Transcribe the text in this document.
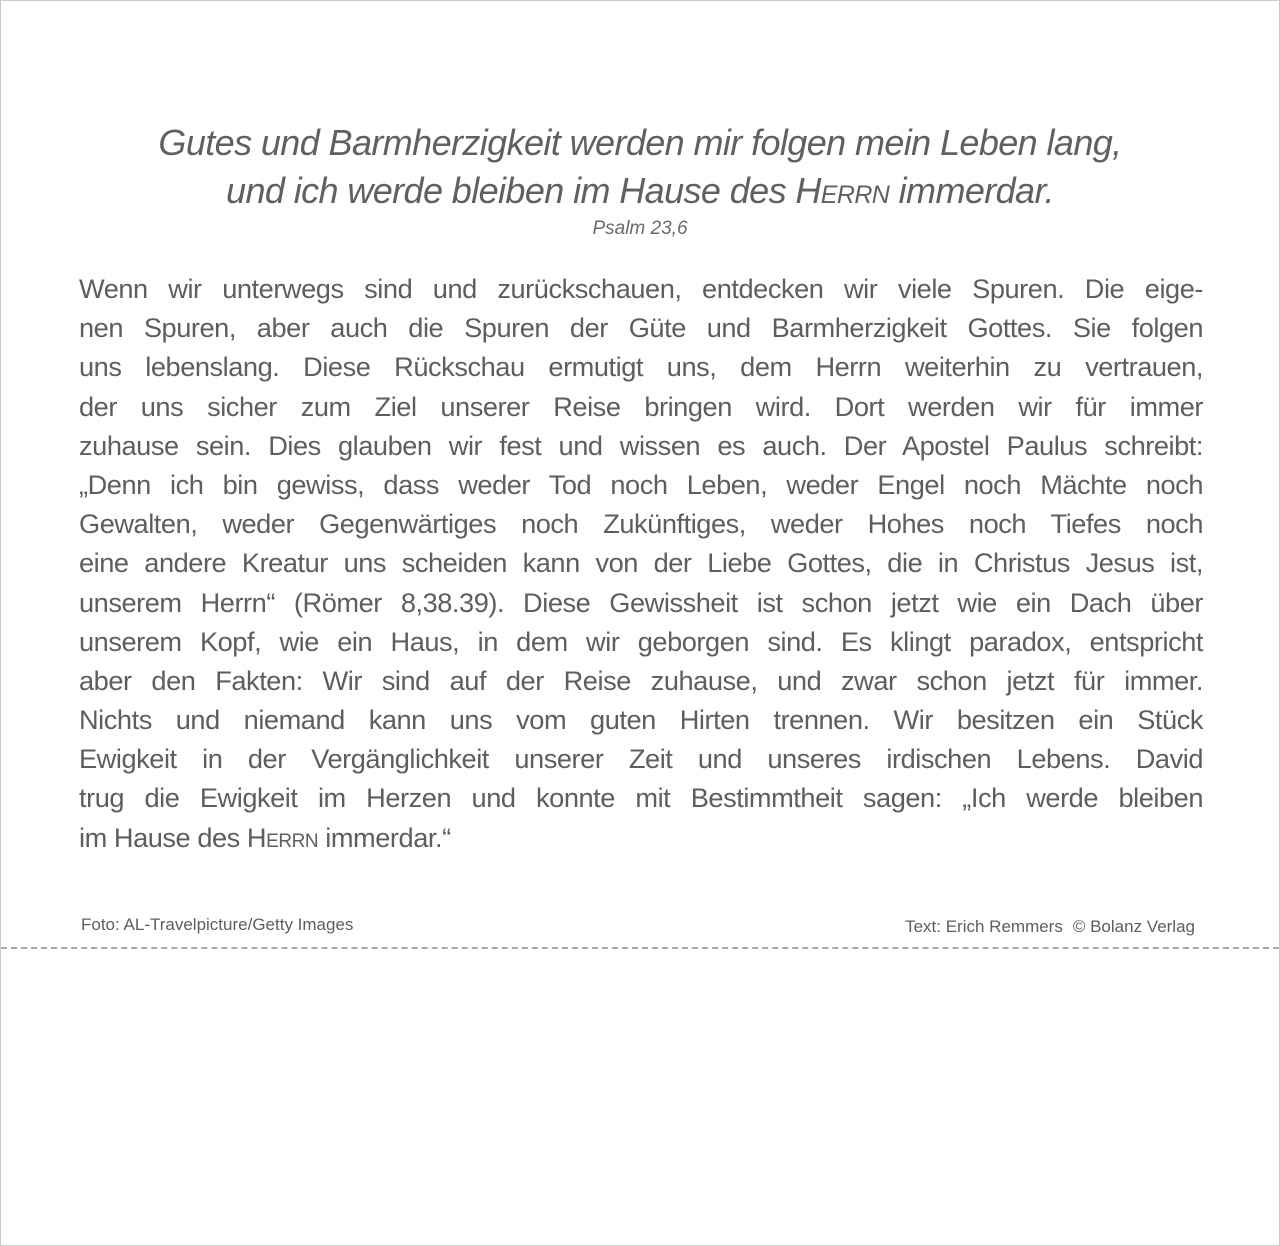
Gutes und Barmherzigkeit werden mir folgen mein Leben lang,
und ich werde bleiben im Hause des Herrn immerdar.
Psalm 23,6
Wenn wir unterwegs sind und zurückschauen, entdecken wir viele Spuren. Die eige-
nen Spuren, aber auch die Spuren der Güte und Barmherzigkeit Gottes. Sie folgen
uns lebenslang. Diese Rückschau ermutigt uns, dem Herrn weiterhin zu vertrauen,
der uns sicher zum Ziel unserer Reise bringen wird. Dort werden wir für immer
zuhause sein. Dies glauben wir fest und wissen es auch. Der Apostel Paulus schreibt:
„Denn ich bin gewiss, dass weder Tod noch Leben, weder Engel noch Mächte noch
Gewalten, weder Gegenwärtiges noch Zukünftiges, weder Hohes noch Tiefes noch
eine andere Kreatur uns scheiden kann von der Liebe Gottes, die in Christus Jesus ist,
unserem Herrn“ (Römer 8,38.39). Diese Gewissheit ist schon jetzt wie ein Dach über
unserem Kopf, wie ein Haus, in dem wir geborgen sind. Es klingt paradox, entspricht
aber den Fakten: Wir sind auf der Reise zuhause, und zwar schon jetzt für immer.
Nichts und niemand kann uns vom guten Hirten trennen. Wir besitzen ein Stück
Ewigkeit in der Vergänglichkeit unserer Zeit und unseres irdischen Lebens. David
trug die Ewigkeit im Herzen und konnte mit Bestimmtheit sagen: „Ich werde bleiben
im Hause des Herrn immerdar.“
Foto: AL-Travelpicture/Getty Images	Text: Erich Remmers © Bolanz Verlag
